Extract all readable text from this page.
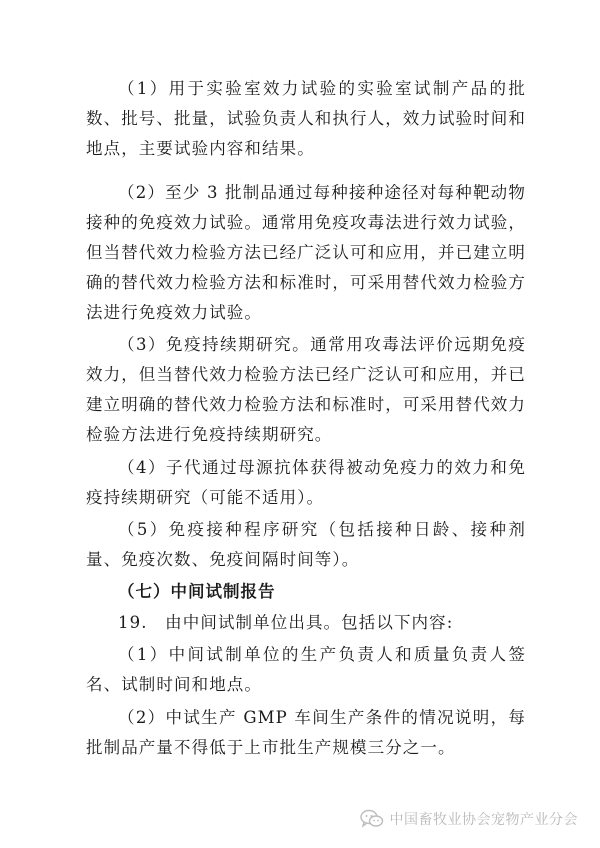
（1）用于实验室效力试验的实验室试制产品的批数、批号、批量，试验负责人和执行人，效力试验时间和地点，主要试验内容和结果。

（2）至少 3 批制品通过每种接种途径对每种靶动物接种的免疫效力试验。通常用免疫攻毒法进行效力试验，但当替代效力检验方法已经广泛认可和应用，并已建立明确的替代效力检验方法和标准时，可采用替代效力检验方法进行免疫效力试验。

（3）免疫持续期研究。通常用攻毒法评价远期免疫效力，但当替代效力检验方法已经广泛认可和应用，并已建立明确的替代效力检验方法和标准时，可采用替代效力检验方法进行免疫持续期研究。

（4）子代通过母源抗体获得被动免疫力的效力和免疫持续期研究（可能不适用）。

（5）免疫接种程序研究（包括接种日龄、接种剂量、免疫次数、免疫间隔时间等）。

（七）中间试制报告

19.　由中间试制单位出具。包括以下内容:

（1）中间试制单位的生产负责人和质量负责人签名、试制时间和地点。

（2）中试生产 GMP 车间生产条件的情况说明，每批制品产量不得低于上市批生产规模三分之一。

中国畜牧业协会宠物产业分会
